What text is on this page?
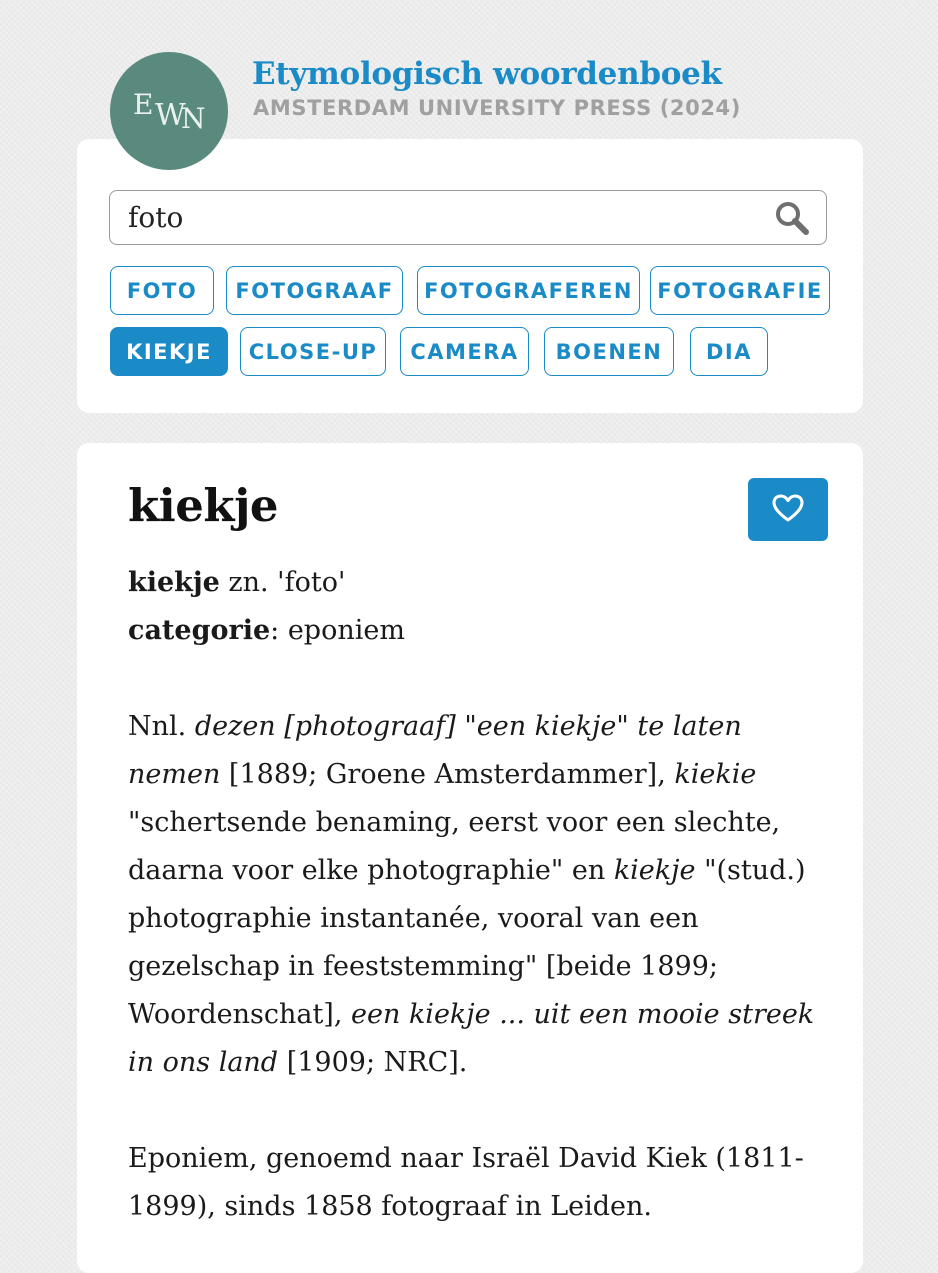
E W
N
Etymologisch woordenboek
AMSTERDAM UNIVERSITY PRESS (2024)
foto
FOTO	FOTOGRAAF	FOTOGRAFEREN	FOTOGRAFIE
KIEKJE	CLOSE-UP	CAMERA	BOENEN	DIA
kiekje

kiekje zn. 'foto'

categorie: eponiem

Nnl. dezen [photograaf] "een kiekje" te laten nemen [1889; Groene Amsterdammer], kiekie "schertsende benaming, eerst voor een slechte, daarna voor elke photographie" en kiekje "(stud.) photographie instantanée, vooral van een gezelschap in feeststemming" [beide 1899; Woordenschat], een kiekje ... uit een mooie streek in ons land [1909; NRC].

Eponiem, genoemd naar Israël David Kiek (1811-1899), sinds 1858 fotograaf in Leiden.
